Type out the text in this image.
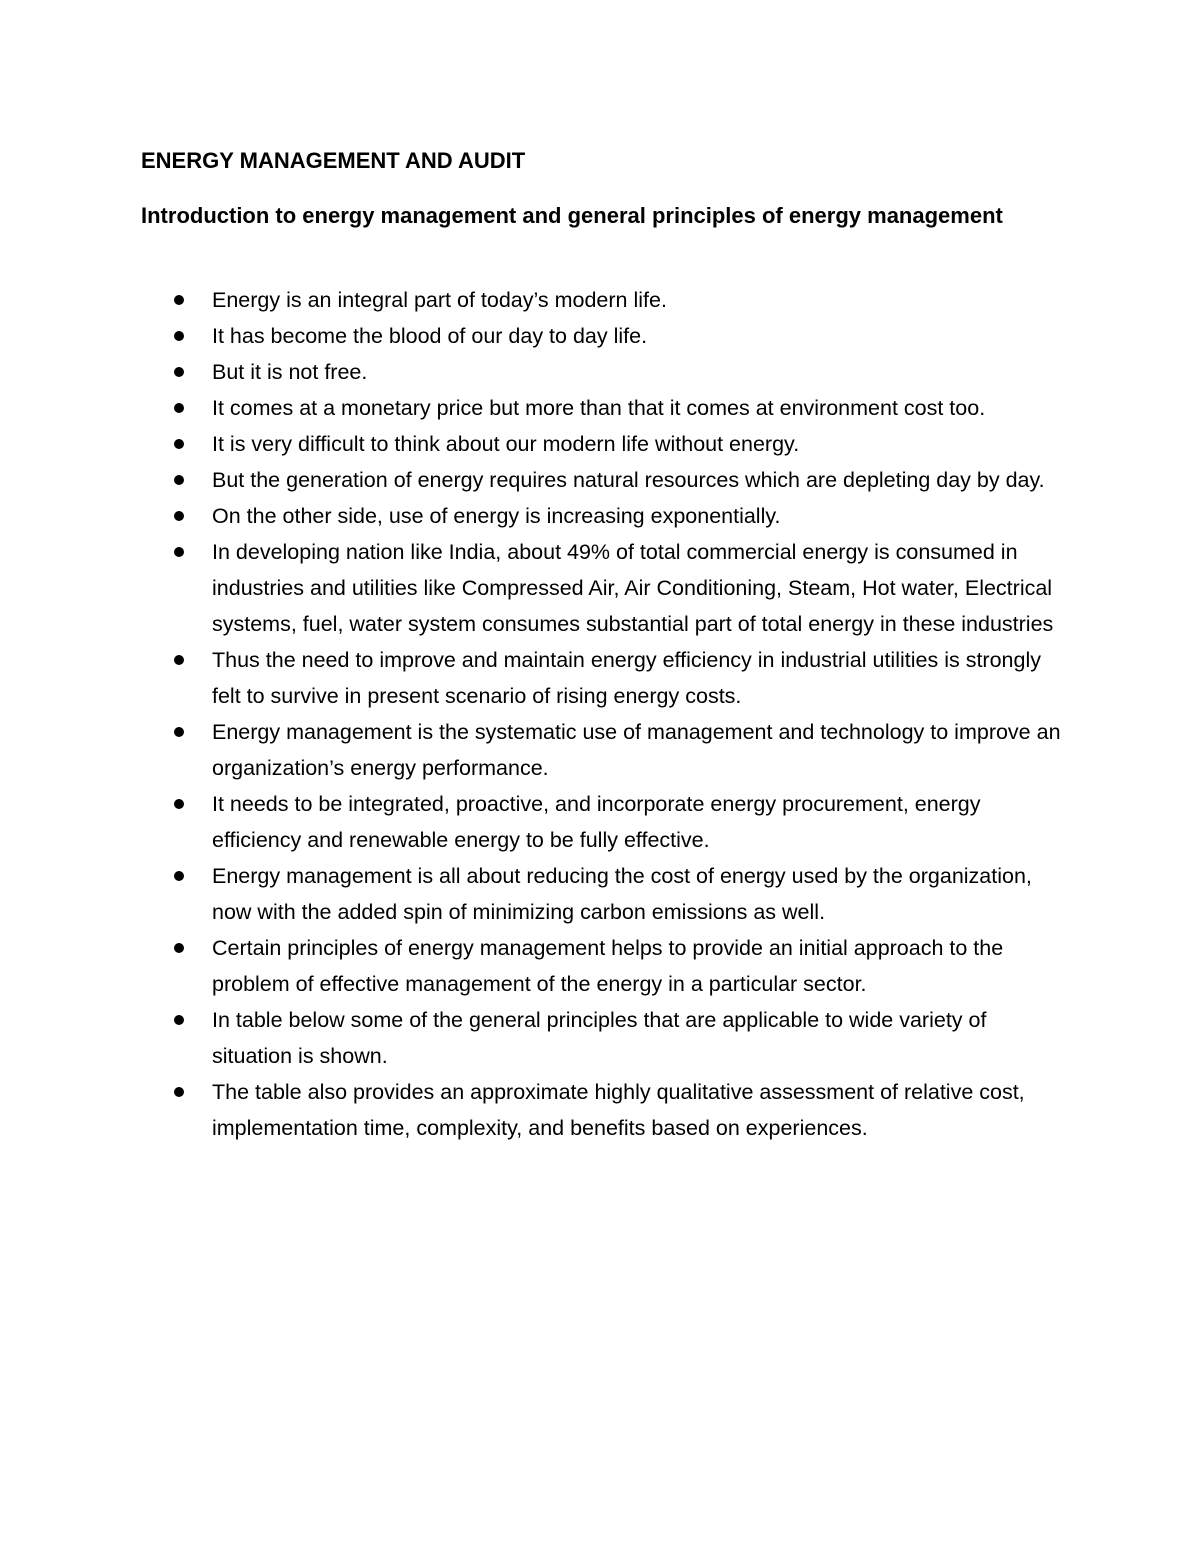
ENERGY MANAGEMENT AND AUDIT
Introduction to energy management and general principles of energy management
Energy is an integral part of today’s modern life.
It has become the blood of our day to day life.
But it is not free.
It comes at a monetary price but more than that it comes at environment cost too.
It is very difficult to think about our modern life without energy.
But the generation of energy requires natural resources which are depleting day by day.
On the other side, use of energy is increasing exponentially.
In developing nation like India, about 49% of total commercial energy is consumed in industries and utilities like Compressed Air, Air Conditioning, Steam, Hot water, Electrical systems, fuel, water system consumes substantial part of total energy in these industries
Thus the need to improve and maintain energy efficiency in industrial utilities is strongly felt to survive in present scenario of rising energy costs.
Energy management is the systematic use of management and technology to improve an organization’s energy performance.
It needs to be integrated, proactive, and incorporate energy procurement, energy efficiency and renewable energy to be fully effective.
Energy management is all about reducing the cost of energy used by the organization, now with the added spin of minimizing carbon emissions as well.
Certain principles of energy management helps to provide an initial approach to the problem of effective management of the energy in a particular sector.
In table below some of the general principles that are applicable to wide variety of situation is shown.
The table also provides an approximate highly qualitative assessment of relative cost, implementation time, complexity, and benefits based on experiences.
